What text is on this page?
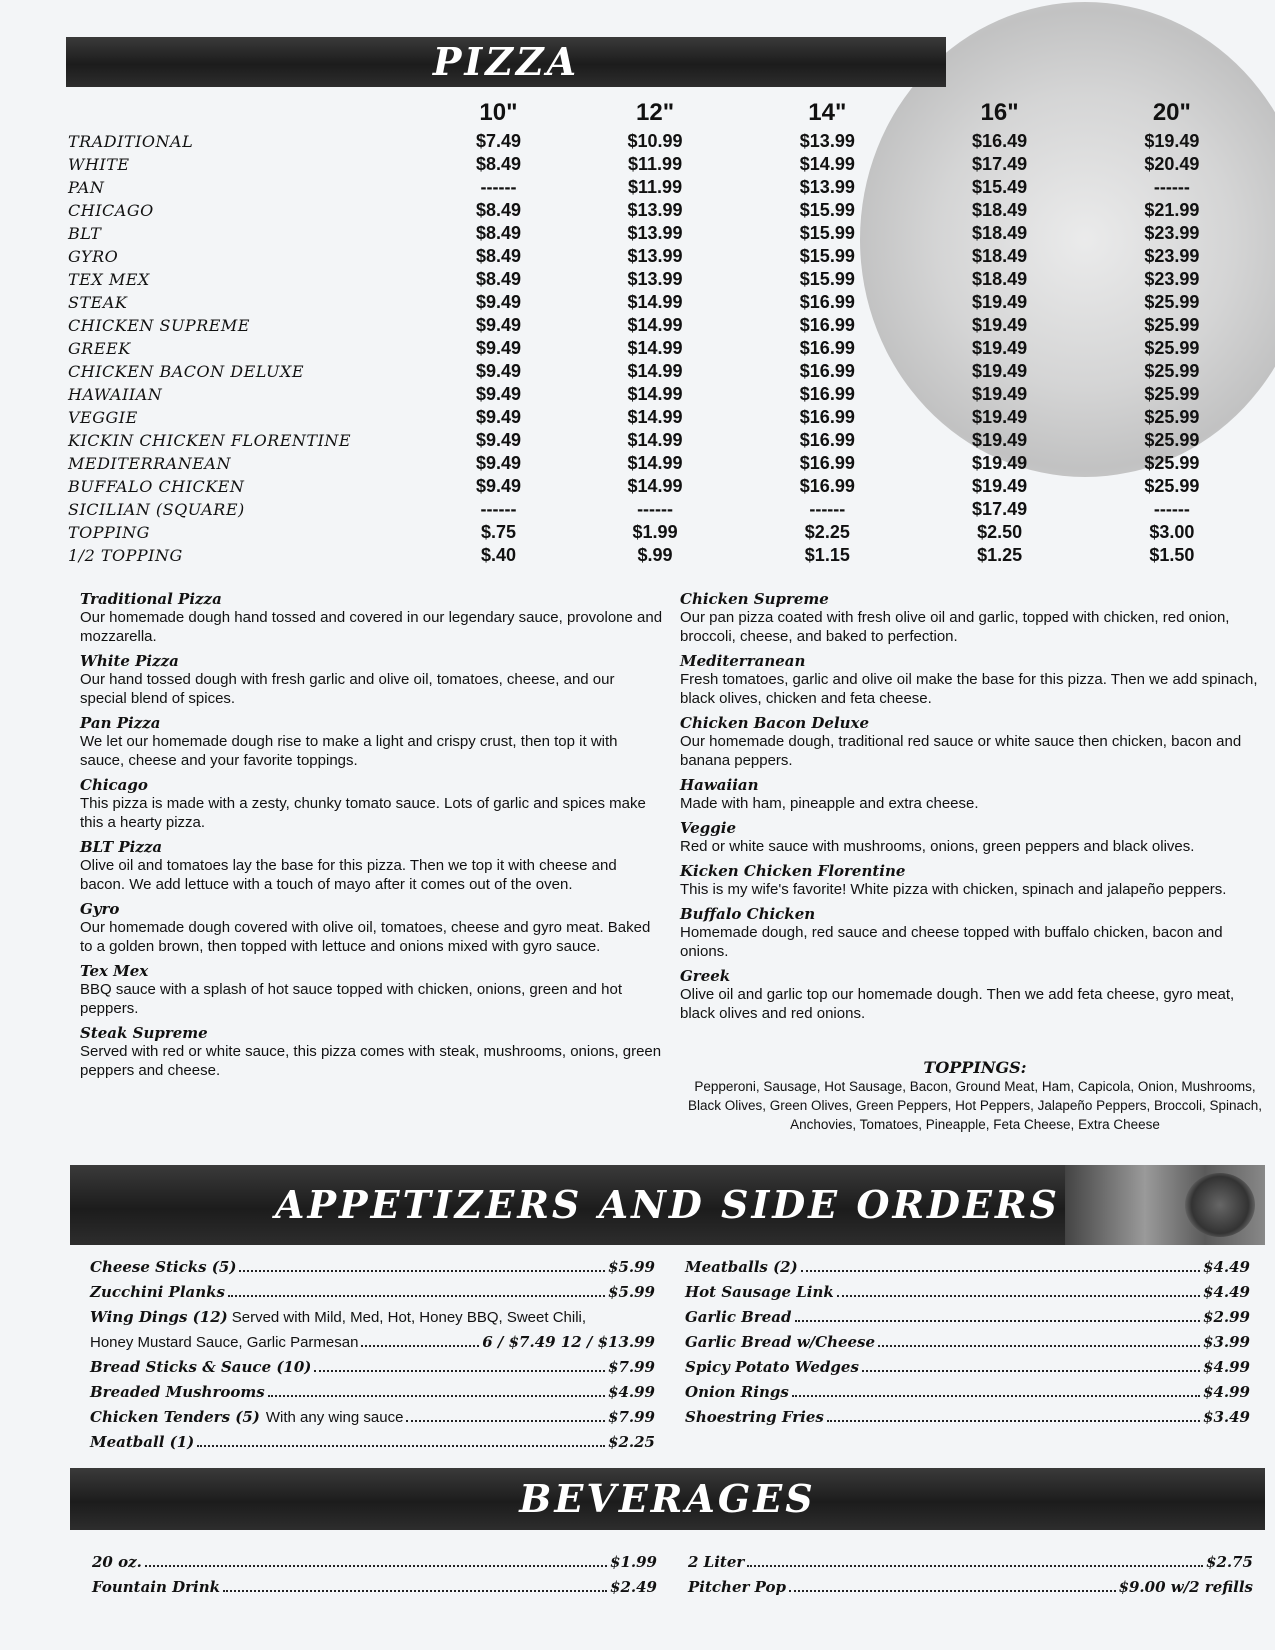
PIZZA
	10"	12"	14"	16"	20"
TRADITIONAL	$7.49	$10.99	$13.99	$16.49	$19.49
WHITE	$8.49	$11.99	$14.99	$17.49	$20.49
PAN	------	$11.99	$13.99	$15.49	------
CHICAGO	$8.49	$13.99	$15.99	$18.49	$21.99
BLT	$8.49	$13.99	$15.99	$18.49	$23.99
GYRO	$8.49	$13.99	$15.99	$18.49	$23.99
TEX MEX	$8.49	$13.99	$15.99	$18.49	$23.99
STEAK	$9.49	$14.99	$16.99	$19.49	$25.99
CHICKEN SUPREME	$9.49	$14.99	$16.99	$19.49	$25.99
GREEK	$9.49	$14.99	$16.99	$19.49	$25.99
CHICKEN BACON DELUXE	$9.49	$14.99	$16.99	$19.49	$25.99
HAWAIIAN	$9.49	$14.99	$16.99	$19.49	$25.99
VEGGIE	$9.49	$14.99	$16.99	$19.49	$25.99
KICKIN CHICKEN FLORENTINE	$9.49	$14.99	$16.99	$19.49	$25.99
MEDITERRANEAN	$9.49	$14.99	$16.99	$19.49	$25.99
BUFFALO CHICKEN	$9.49	$14.99	$16.99	$19.49	$25.99
SICILIAN (SQUARE)	------	------	------	$17.49	------
TOPPING	$.75	$1.99	$2.25	$2.50	$3.00
1/2 TOPPING	$.40	$.99	$1.15	$1.25	$1.50
Traditional Pizza
Our homemade dough hand tossed and covered in our legendary sauce, provolone and mozzarella.
White Pizza
Our hand tossed dough with fresh garlic and olive oil, tomatoes, cheese, and our special blend of spices.
Pan Pizza
We let our homemade dough rise to make a light and crispy crust, then top it with sauce, cheese and your favorite toppings.
Chicago
This pizza is made with a zesty, chunky tomato sauce. Lots of garlic and spices make this a hearty pizza.
BLT Pizza
Olive oil and tomatoes lay the base for this pizza. Then we top it with cheese and bacon. We add lettuce with a touch of mayo after it comes out of the oven.
Gyro
Our homemade dough covered with olive oil, tomatoes, cheese and gyro meat. Baked to a golden brown, then topped with lettuce and onions mixed with gyro sauce.
Tex Mex
BBQ sauce with a splash of hot sauce topped with chicken, onions, green and hot peppers.
Steak Supreme
Served with red or white sauce, this pizza comes with steak, mushrooms, onions, green peppers and cheese.
Chicken Supreme
Our pan pizza coated with fresh olive oil and garlic, topped with chicken, red onion, broccoli, cheese, and baked to perfection.
Mediterranean
Fresh tomatoes, garlic and olive oil make the base for this pizza. Then we add spinach, black olives, chicken and feta cheese.
Chicken Bacon Deluxe
Our homemade dough, traditional red sauce or white sauce then chicken, bacon and banana peppers.
Hawaiian
Made with ham, pineapple and extra cheese.
Veggie
Red or white sauce with mushrooms, onions, green peppers and black olives.
Kicken Chicken Florentine
This is my wife's favorite! White pizza with chicken, spinach and jalapeño peppers.
Buffalo Chicken
Homemade dough, red sauce and cheese topped with buffalo chicken, bacon and onions.
Greek
Olive oil and garlic top our homemade dough. Then we add feta cheese, gyro meat, black olives and red onions.
TOPPINGS:
Pepperoni, Sausage, Hot Sausage, Bacon, Ground Meat, Ham, Capicola, Onion, Mushrooms, Black Olives, Green Olives, Green Peppers, Hot Peppers, Jalapeño Peppers, Broccoli, Spinach, Anchovies, Tomatoes, Pineapple, Feta Cheese, Extra Cheese
APPETIZERS AND SIDE ORDERS
Cheese Sticks (5)	$5.99
Zucchini Planks	$5.99
Wing Dings (12) Served with Mild, Med, Hot, Honey BBQ, Sweet Chili,
Honey Mustard Sauce, Garlic Parmesan	6 / $7.49 12 / $13.99
Bread Sticks & Sauce (10)	$7.99
Breaded Mushrooms	$4.99
Chicken Tenders (5) With any wing sauce	$7.99
Meatball (1)	$2.25
Meatballs (2)	$4.49
Hot Sausage Link	$4.49
Garlic Bread	$2.99
Garlic Bread w/Cheese	$3.99
Spicy Potato Wedges	$4.99
Onion Rings	$4.99
Shoestring Fries	$3.49
BEVERAGES
20 oz.	$1.99
Fountain Drink	$2.49
2 Liter	$2.75
Pitcher Pop	$9.00 w/2 refills
